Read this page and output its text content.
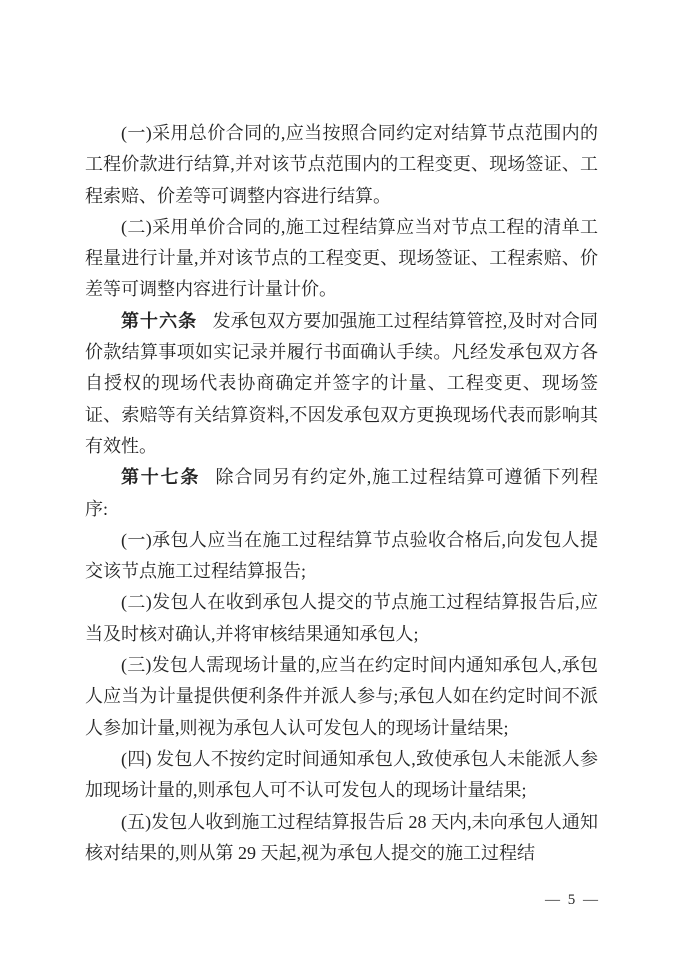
(一)采用总价合同的,应当按照合同约定对结算节点范围内的工程价款进行结算,并对该节点范围内的工程变更、现场签证、工程索赔、价差等可调整内容进行结算。

(二)采用单价合同的,施工过程结算应当对节点工程的清单工程量进行计量,并对该节点的工程变更、现场签证、工程索赔、价差等可调整内容进行计量计价。

第十六条 发承包双方要加强施工过程结算管控,及时对合同价款结算事项如实记录并履行书面确认手续。凡经发承包双方各自授权的现场代表协商确定并签字的计量、工程变更、现场签证、索赔等有关结算资料,不因发承包双方更换现场代表而影响其有效性。

第十七条 除合同另有约定外,施工过程结算可遵循下列程序:

(一)承包人应当在施工过程结算节点验收合格后,向发包人提交该节点施工过程结算报告;

(二)发包人在收到承包人提交的节点施工过程结算报告后,应当及时核对确认,并将审核结果通知承包人;

(三)发包人需现场计量的,应当在约定时间内通知承包人,承包人应当为计量提供便利条件并派人参与;承包人如在约定时间不派人参加计量,则视为承包人认可发包人的现场计量结果;

(四) 发包人不按约定时间通知承包人,致使承包人未能派人参加现场计量的,则承包人可不认可发包人的现场计量结果;

(五)发包人收到施工过程结算报告后 28 天内,未向承包人通知核对结果的,则从第 29 天起,视为承包人提交的施工过程结

— 5 —
